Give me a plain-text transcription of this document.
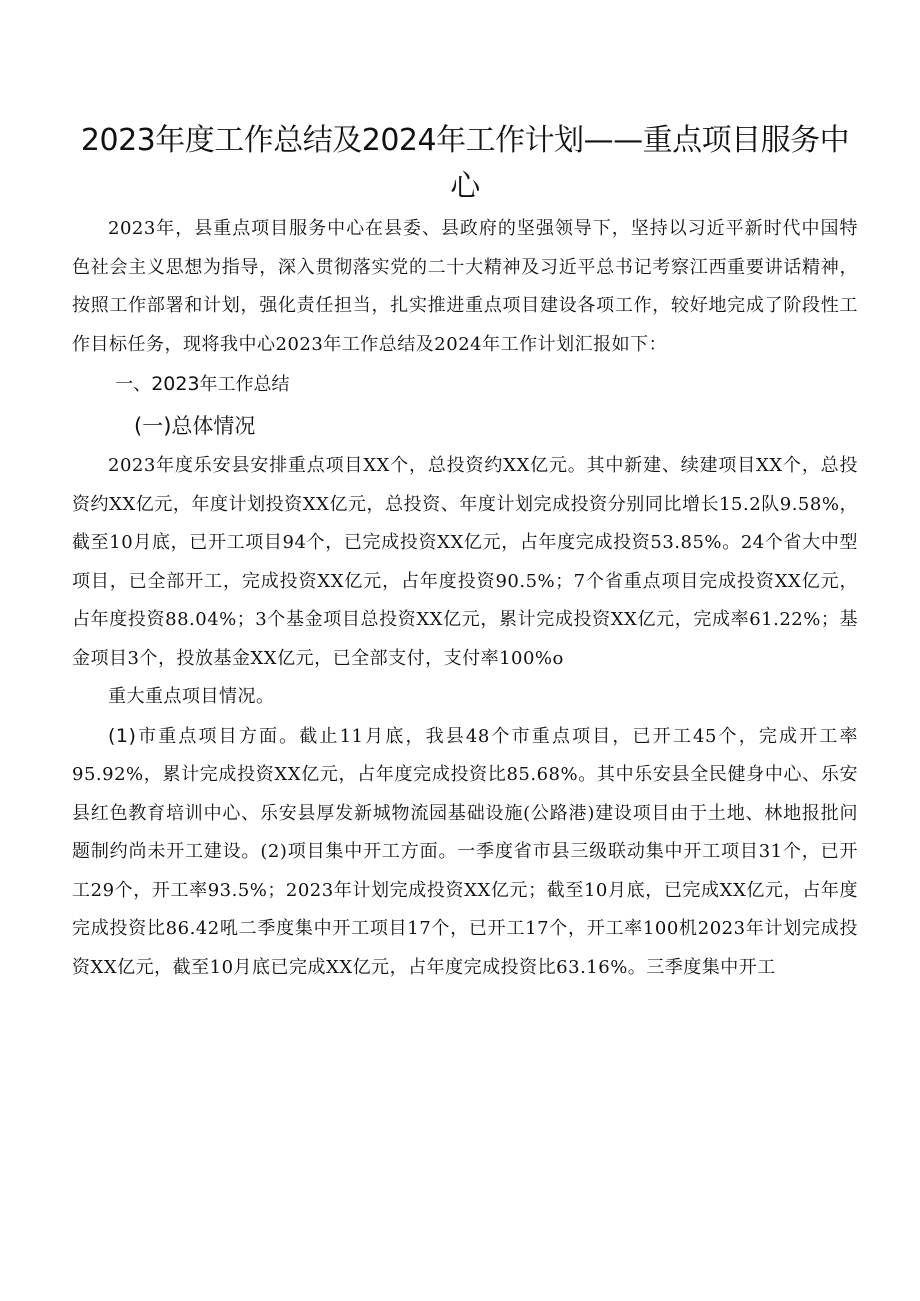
2023年度工作总结及2024年工作计划——重点项目服务中心

2023年，县重点项目服务中心在县委、县政府的坚强领导下，坚持以习近平新时代中国特色社会主义思想为指导，深入贯彻落实党的二十大精神及习近平总书记考察江西重要讲话精神，按照工作部署和计划，强化责任担当，扎实推进重点项目建设各项工作，较好地完成了阶段性工作目标任务，现将我中心2023年工作总结及2024年工作计划汇报如下：

一、2023年工作总结

(一)总体情况

2023年度乐安县安排重点项目XX个，总投资约XX亿元。其中新建、续建项目XX个，总投资约XX亿元，年度计划投资XX亿元，总投资、年度计划完成投资分别同比增长15.2队9.58%，截至10月底，已开工项目94个，已完成投资XX亿元，占年度完成投资53.85%。24个省大中型项目，已全部开工，完成投资XX亿元，占年度投资90.5%；7个省重点项目完成投资XX亿元，占年度投资88.04%；3个基金项目总投资XX亿元，累计完成投资XX亿元，完成率61.22%；基金项目3个，投放基金XX亿元，已全部支付，支付率100%o

重大重点项目情况。

(1)市重点项目方面。截止11月底，我县48个市重点项目，已开工45个，完成开工率95.92%，累计完成投资XX亿元，占年度完成投资比85.68%。其中乐安县全民健身中心、乐安县红色教育培训中心、乐安县厚发新城物流园基础设施(公路港)建设项目由于土地、林地报批问题制约尚未开工建设。(2)项目集中开工方面。一季度省市县三级联动集中开工项目31个，已开工29个，开工率93.5%；2023年计划完成投资XX亿元；截至10月底，已完成XX亿元，占年度完成投资比86.42吼二季度集中开工项目17个，已开工17个，开工率100机2023年计划完成投资XX亿元，截至10月底已完成XX亿元，占年度完成投资比63.16%。三季度集中开工
